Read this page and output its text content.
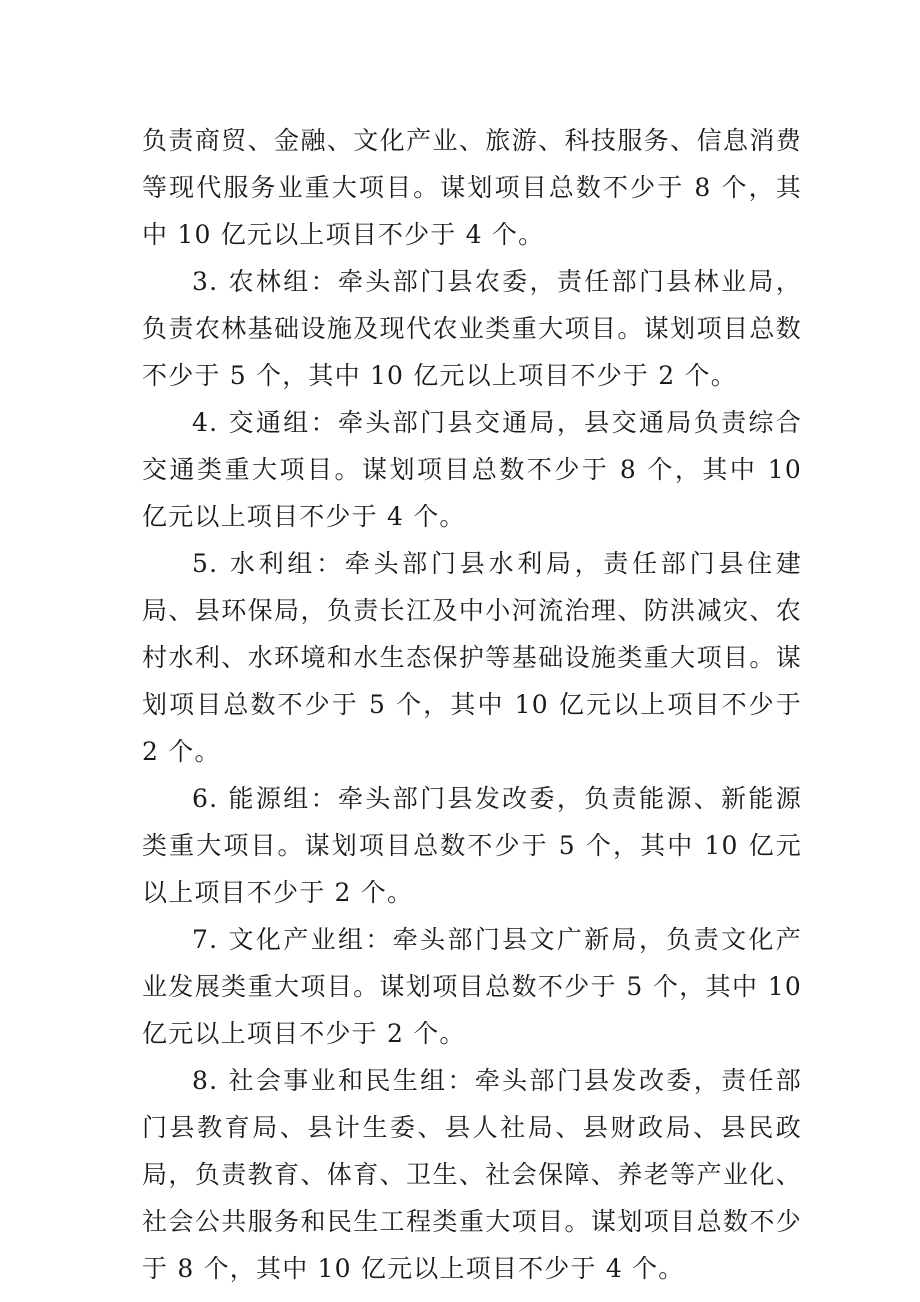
负责商贸、金融、文化产业、旅游、科技服务、信息消费等现代服务业重大项目。谋划项目总数不少于 8 个，其中 10 亿元以上项目不少于 4 个。

3. 农林组：牵头部门县农委，责任部门县林业局，负责农林基础设施及现代农业类重大项目。谋划项目总数不少于 5 个，其中 10 亿元以上项目不少于 2 个。

4. 交通组：牵头部门县交通局，县交通局负责综合交通类重大项目。谋划项目总数不少于 8 个，其中 10 亿元以上项目不少于 4 个。

5. 水利组：牵头部门县水利局，责任部门县住建局、县环保局，负责长江及中小河流治理、防洪减灾、农村水利、水环境和水生态保护等基础设施类重大项目。谋划项目总数不少于 5 个，其中 10 亿元以上项目不少于 2 个。

6. 能源组：牵头部门县发改委，负责能源、新能源类重大项目。谋划项目总数不少于 5 个，其中 10 亿元以上项目不少于 2 个。

7. 文化产业组：牵头部门县文广新局，负责文化产业发展类重大项目。谋划项目总数不少于 5 个，其中 10 亿元以上项目不少于 2 个。

8. 社会事业和民生组：牵头部门县发改委，责任部门县教育局、县计生委、县人社局、县财政局、县民政局，负责教育、体育、卫生、社会保障、养老等产业化、社会公共服务和民生工程类重大项目。谋划项目总数不少于 8 个，其中 10 亿元以上项目不少于 4 个。
